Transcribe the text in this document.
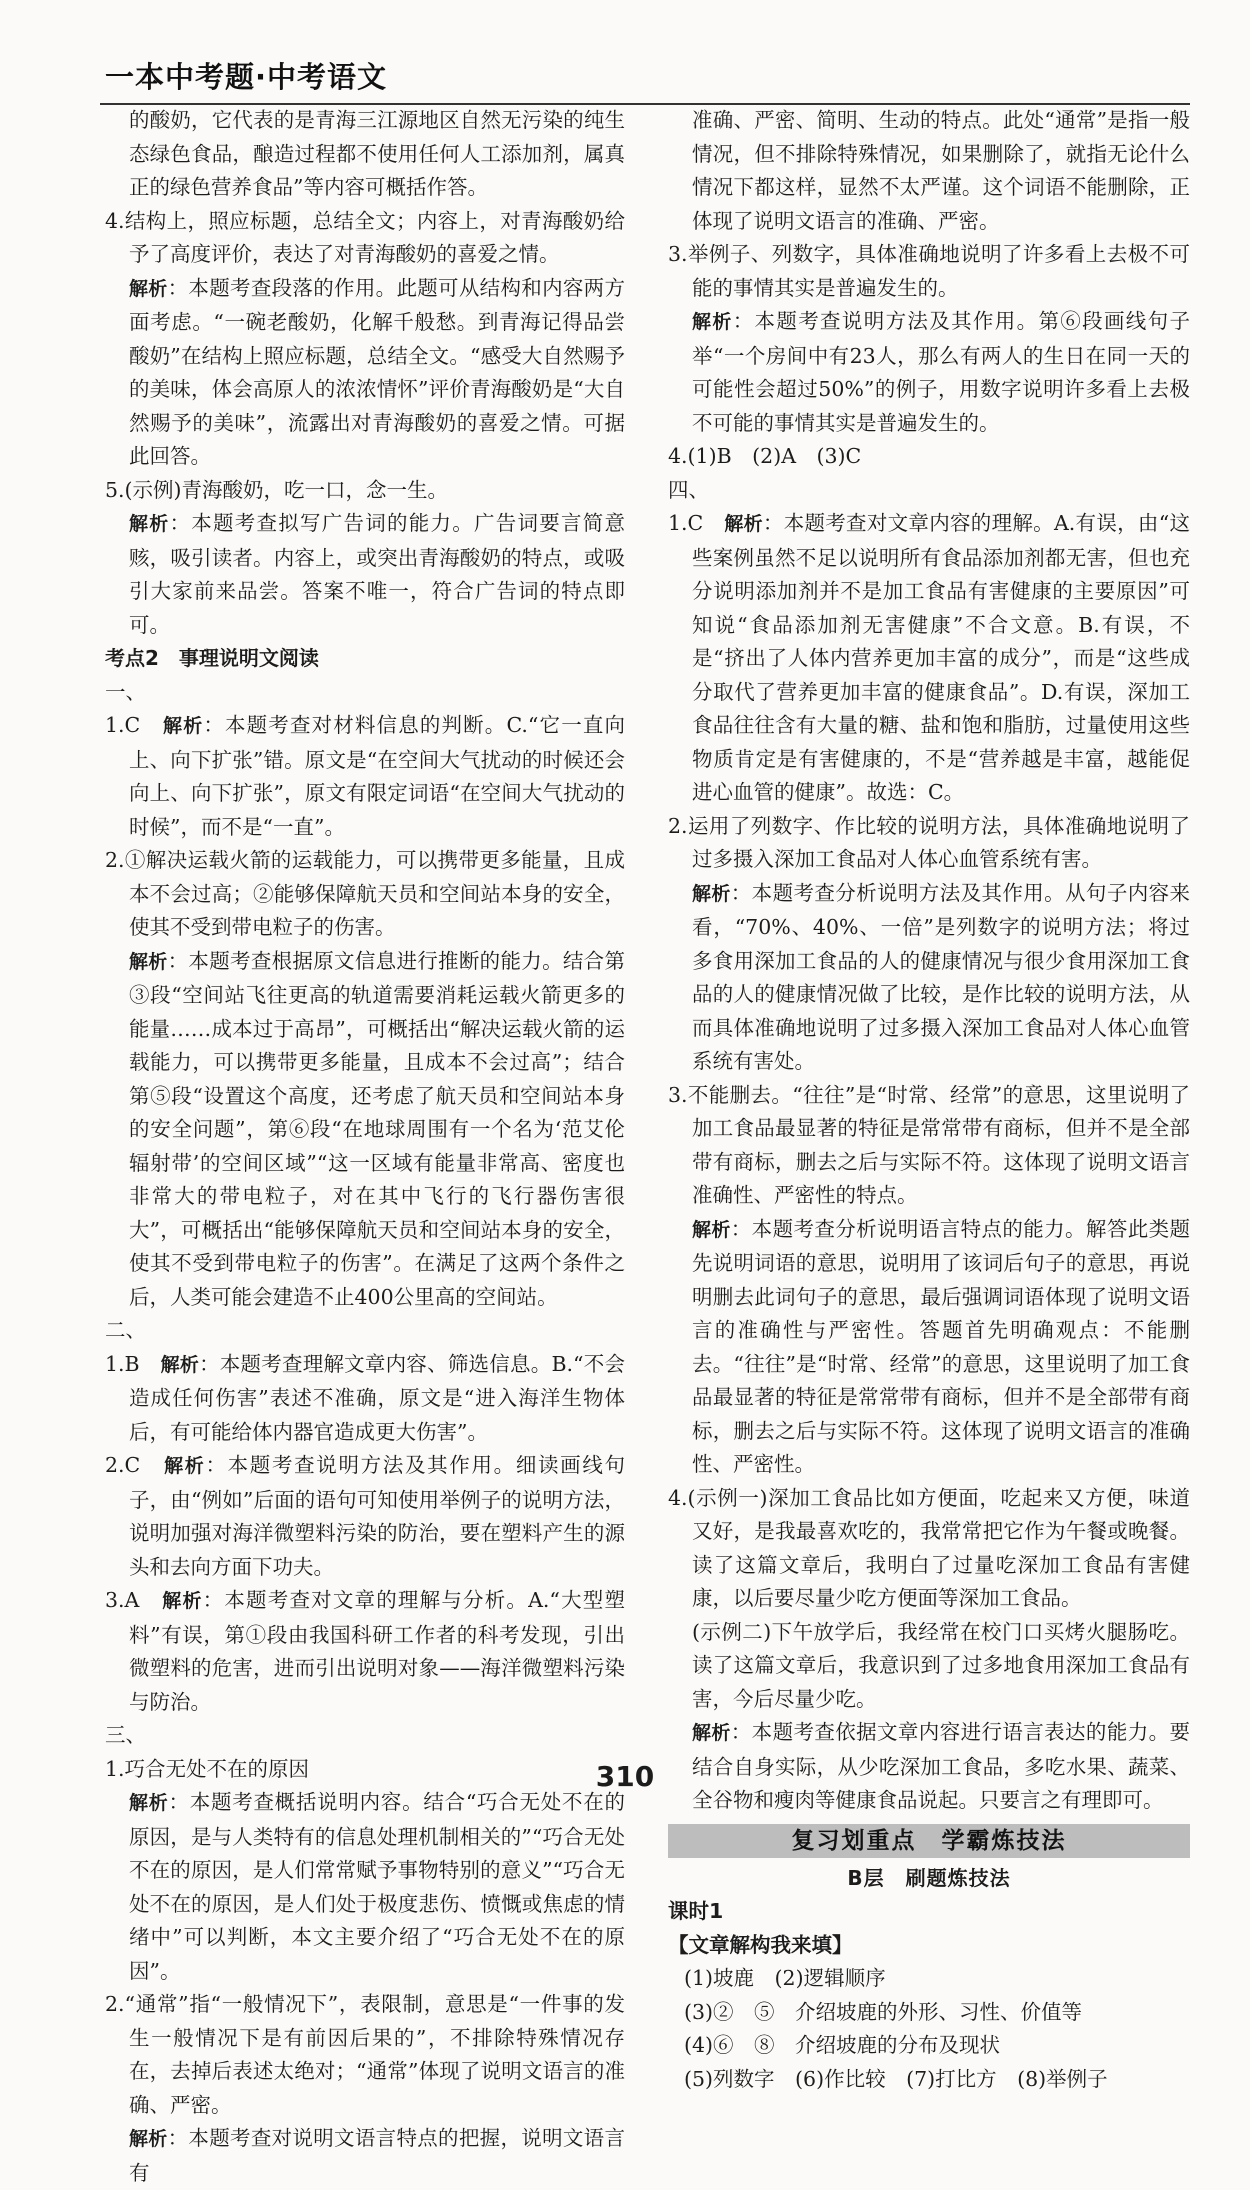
一本中考题·中考语文

的酸奶，它代表的是青海三江源地区自然无污染的纯生态绿色食品，酿造过程都不使用任何人工添加剂，属真正的绿色营养食品”等内容可概括作答。

4.结构上，照应标题，总结全文；内容上，对青海酸奶给予了高度评价，表达了对青海酸奶的喜爱之情。

解析：本题考查段落的作用。此题可从结构和内容两方面考虑。“一碗老酸奶，化解千般愁。到青海记得品尝酸奶”在结构上照应标题，总结全文。“感受大自然赐予的美味，体会高原人的浓浓情怀”评价青海酸奶是“大自然赐予的美味”，流露出对青海酸奶的喜爱之情。可据此回答。

5.(示例)青海酸奶，吃一口，念一生。

解析：本题考查拟写广告词的能力。广告词要言简意赅，吸引读者。内容上，或突出青海酸奶的特点，或吸引大家前来品尝。答案不唯一，符合广告词的特点即可。

考点2　事理说明文阅读

一、

1.C　解析：本题考查对材料信息的判断。C.“它一直向上、向下扩张”错。原文是“在空间大气扰动的时候还会向上、向下扩张”，原文有限定词语“在空间大气扰动的时候”，而不是“一直”。

2.①解决运载火箭的运载能力，可以携带更多能量，且成本不会过高；②能够保障航天员和空间站本身的安全，使其不受到带电粒子的伤害。

解析：本题考查根据原文信息进行推断的能力。结合第③段“空间站飞往更高的轨道需要消耗运载火箭更多的能量……成本过于高昂”，可概括出“解决运载火箭的运载能力，可以携带更多能量，且成本不会过高”；结合第⑤段“设置这个高度，还考虑了航天员和空间站本身的安全问题”，第⑥段“在地球周围有一个名为‘范艾伦辐射带’的空间区域”“这一区域有能量非常高、密度也非常大的带电粒子，对在其中飞行的飞行器伤害很大”，可概括出“能够保障航天员和空间站本身的安全，使其不受到带电粒子的伤害”。在满足了这两个条件之后，人类可能会建造不止400公里高的空间站。

二、

1.B　解析：本题考查理解文章内容、筛选信息。B.“不会造成任何伤害”表述不准确，原文是“进入海洋生物体后，有可能给体内器官造成更大伤害”。

2.C　解析：本题考查说明方法及其作用。细读画线句子，由“例如”后面的语句可知使用举例子的说明方法，说明加强对海洋微塑料污染的防治，要在塑料产生的源头和去向方面下功夫。

3.A　解析：本题考查对文章的理解与分析。A.“大型塑料”有误，第①段由我国科研工作者的科考发现，引出微塑料的危害，进而引出说明对象——海洋微塑料污染与防治。

三、

1.巧合无处不在的原因

解析：本题考查概括说明内容。结合“巧合无处不在的原因，是与人类特有的信息处理机制相关的”“巧合无处不在的原因，是人们常常赋予事物特别的意义”“巧合无处不在的原因，是人们处于极度悲伤、愤慨或焦虑的情绪中”可以判断，本文主要介绍了“巧合无处不在的原因”。

2.“通常”指“一般情况下”，表限制，意思是“一件事的发生一般情况下是有前因后果的”，不排除特殊情况存在，去掉后表述太绝对；“通常”体现了说明文语言的准确、严密。

解析：本题考查对说明文语言特点的把握，说明文语言有

准确、严密、简明、生动的特点。此处“通常”是指一般情况，但不排除特殊情况，如果删除了，就指无论什么情况下都这样，显然不太严谨。这个词语不能删除，正体现了说明文语言的准确、严密。

3.举例子、列数字，具体准确地说明了许多看上去极不可能的事情其实是普遍发生的。

解析：本题考查说明方法及其作用。第⑥段画线句子举“一个房间中有23人，那么有两人的生日在同一天的可能性会超过50%”的例子，用数字说明许多看上去极不可能的事情其实是普遍发生的。

4.(1)B　(2)A　(3)C

四、

1.C　解析：本题考查对文章内容的理解。A.有误，由“这些案例虽然不足以说明所有食品添加剂都无害，但也充分说明添加剂并不是加工食品有害健康的主要原因”可知说“食品添加剂无害健康”不合文意。B.有误，不是“挤出了人体内营养更加丰富的成分”，而是“这些成分取代了营养更加丰富的健康食品”。D.有误，深加工食品往往含有大量的糖、盐和饱和脂肪，过量使用这些物质肯定是有害健康的，不是“营养越是丰富，越能促进心血管的健康”。故选：C。

2.运用了列数字、作比较的说明方法，具体准确地说明了过多摄入深加工食品对人体心血管系统有害。

解析：本题考查分析说明方法及其作用。从句子内容来看，“70%、40%、一倍”是列数字的说明方法；将过多食用深加工食品的人的健康情况与很少食用深加工食品的人的健康情况做了比较，是作比较的说明方法，从而具体准确地说明了过多摄入深加工食品对人体心血管系统有害处。

3.不能删去。“往往”是“时常、经常”的意思，这里说明了加工食品最显著的特征是常常带有商标，但并不是全部带有商标，删去之后与实际不符。这体现了说明文语言准确性、严密性的特点。

解析：本题考查分析说明语言特点的能力。解答此类题先说明词语的意思，说明用了该词后句子的意思，再说明删去此词句子的意思，最后强调词语体现了说明文语言的准确性与严密性。答题首先明确观点：不能删去。“往往”是“时常、经常”的意思，这里说明了加工食品最显著的特征是常常带有商标，但并不是全部带有商标，删去之后与实际不符。这体现了说明文语言的准确性、严密性。

4.(示例一)深加工食品比如方便面，吃起来又方便，味道又好，是我最喜欢吃的，我常常把它作为午餐或晚餐。读了这篇文章后，我明白了过量吃深加工食品有害健康，以后要尽量少吃方便面等深加工食品。

(示例二)下午放学后，我经常在校门口买烤火腿肠吃。读了这篇文章后，我意识到了过多地食用深加工食品有害，今后尽量少吃。

解析：本题考查依据文章内容进行语言表达的能力。要结合自身实际，从少吃深加工食品，多吃水果、蔬菜、全谷物和瘦肉等健康食品说起。只要言之有理即可。

复习划重点　学霸炼技法
B层　刷题炼技法

课时1

【文章解构我来填】

(1)坡鹿　(2)逻辑顺序

(3)②　⑤　介绍坡鹿的外形、习性、价值等

(4)⑥　⑧　介绍坡鹿的分布及现状

(5)列数字　(6)作比较　(7)打比方　(8)举例子

310
